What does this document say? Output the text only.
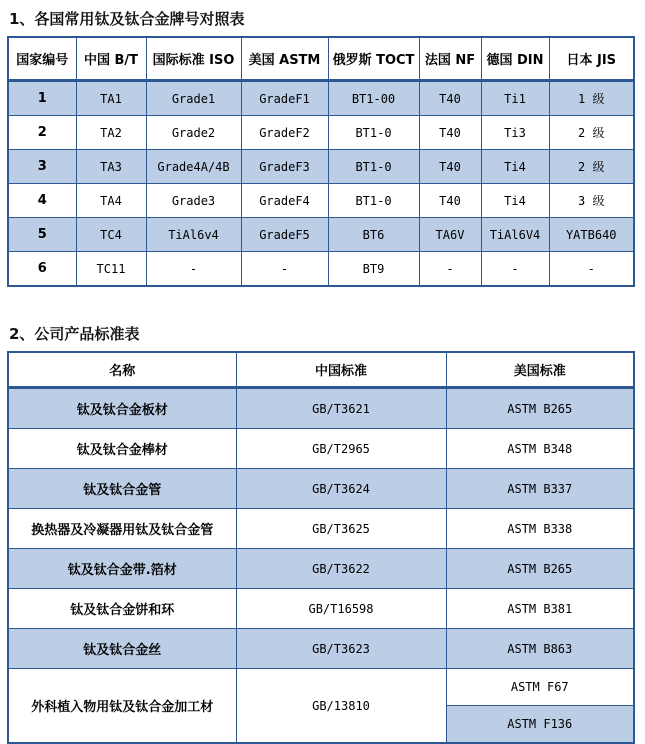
1、各国常用钛及钛合金牌号对照表
国家编号	中国 B/T	国际标准 ISO	美国 ASTM	俄罗斯 TOCT	法国 NF	德国 DIN	日本 JIS
1	TA1	Grade1	GradeF1	BT1-00	T40	Ti1	1 级
2	TA2	Grade2	GradeF2	BT1-0	T40	Ti3	2 级
3	TA3	Grade4A/4B	GradeF3	BT1-0	T40	Ti4	2 级
4	TA4	Grade3	GradeF4	BT1-0	T40	Ti4	3 级
5	TC4	TiAl6v4	GradeF5	BT6	TA6V	TiAl6V4	YATB640
6	TC11	-	-	BT9	-	-	-
2、公司产品标准表
名称	中国标准	美国标准
钛及钛合金板材	GB/T3621	ASTM B265
钛及钛合金棒材	GB/T2965	ASTM B348
钛及钛合金管	GB/T3624	ASTM B337
换热器及冷凝器用钛及钛合金管	GB/T3625	ASTM B338
钛及钛合金带.箔材	GB/T3622	ASTM B265
钛及钛合金饼和环	GB/T16598	ASTM B381
钛及钛合金丝	GB/T3623	ASTM B863
外科植入物用钛及钛合金加工材	GB/13810	ASTM F67
		ASTM F136
